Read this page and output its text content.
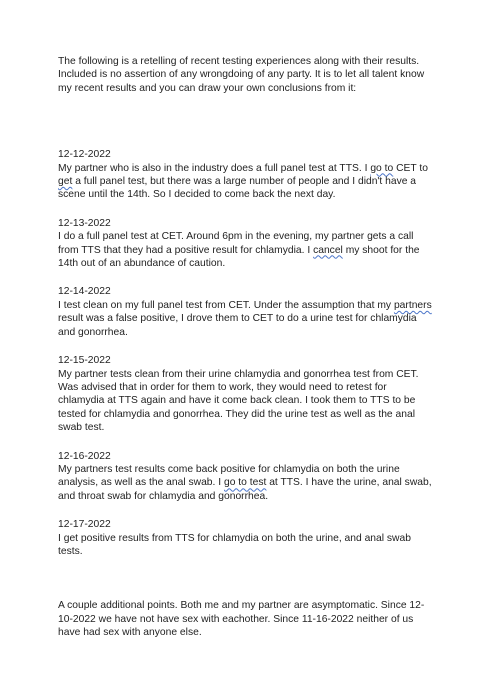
The following is a retelling of recent testing experiences along with their results. Included is no assertion of any wrongdoing of any party. It is to let all talent know my recent results and you can draw your own conclusions from it:

12-12-2022
My partner who is also in the industry does a full panel test at TTS. I go to CET to get a full panel test, but there was a large number of people and I didn't have a scene until the 14th. So I decided to come back the next day.
12-13-2022
I do a full panel test at CET. Around 6pm in the evening, my partner gets a call from TTS that they had a positive result for chlamydia. I cancel my shoot for the 14th out of an abundance of caution.
12-14-2022
I test clean on my full panel test from CET. Under the assumption that my partners result was a false positive, I drove them to CET to do a urine test for chlamydia and gonorrhea.
12-15-2022
My partner tests clean from their urine chlamydia and gonorrhea test from CET. Was advised that in order for them to work, they would need to retest for chlamydia at TTS again and have it come back clean. I took them to TTS to be tested for chlamydia and gonorrhea. They did the urine test as well as the anal swab test.
12-16-2022
My partners test results come back positive for chlamydia on both the urine analysis, as well as the anal swab. I go to test at TTS. I have the urine, anal swab, and throat swab for chlamydia and gonorrhea.
12-17-2022
I get positive results from TTS for chlamydia on both the urine, and anal swab tests.

A couple additional points. Both me and my partner are asymptomatic. Since 12-10-2022 we have not have sex with eachother. Since 11-16-2022 neither of us have had sex with anyone else.
